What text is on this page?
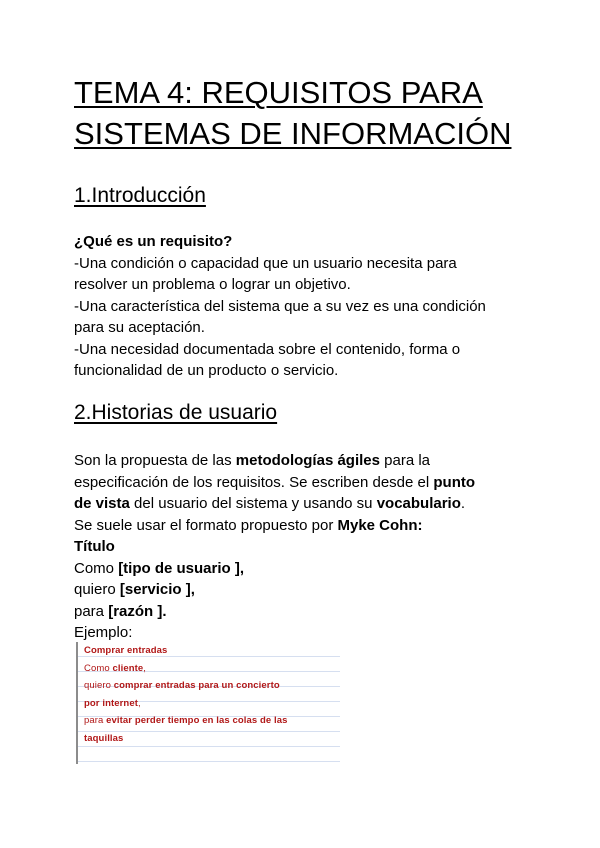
TEMA 4: REQUISITOS PARA
SISTEMAS DE INFORMACIÓN
1.Introducción
¿Qué es un requisito?
-Una condición o capacidad que un usuario necesita para
resolver un problema o lograr un objetivo.
-Una característica del sistema que a su vez es una condición
para su aceptación.
-Una necesidad documentada sobre el contenido, forma o
funcionalidad de un producto o servicio.
2.Historias de usuario
Son la propuesta de las metodologías ágiles para la
especificación de los requisitos. Se escriben desde el punto
de vista del usuario del sistema y usando su vocabulario.
Se suele usar el formato propuesto por Myke Cohn:
Título
Como [tipo de usuario ],
quiero [servicio ],
para [razón ].
Ejemplo:
Comprar entradas
Como cliente,
quiero comprar entradas para un concierto
por internet,
para evitar perder tiempo en las colas de las
taquillas
